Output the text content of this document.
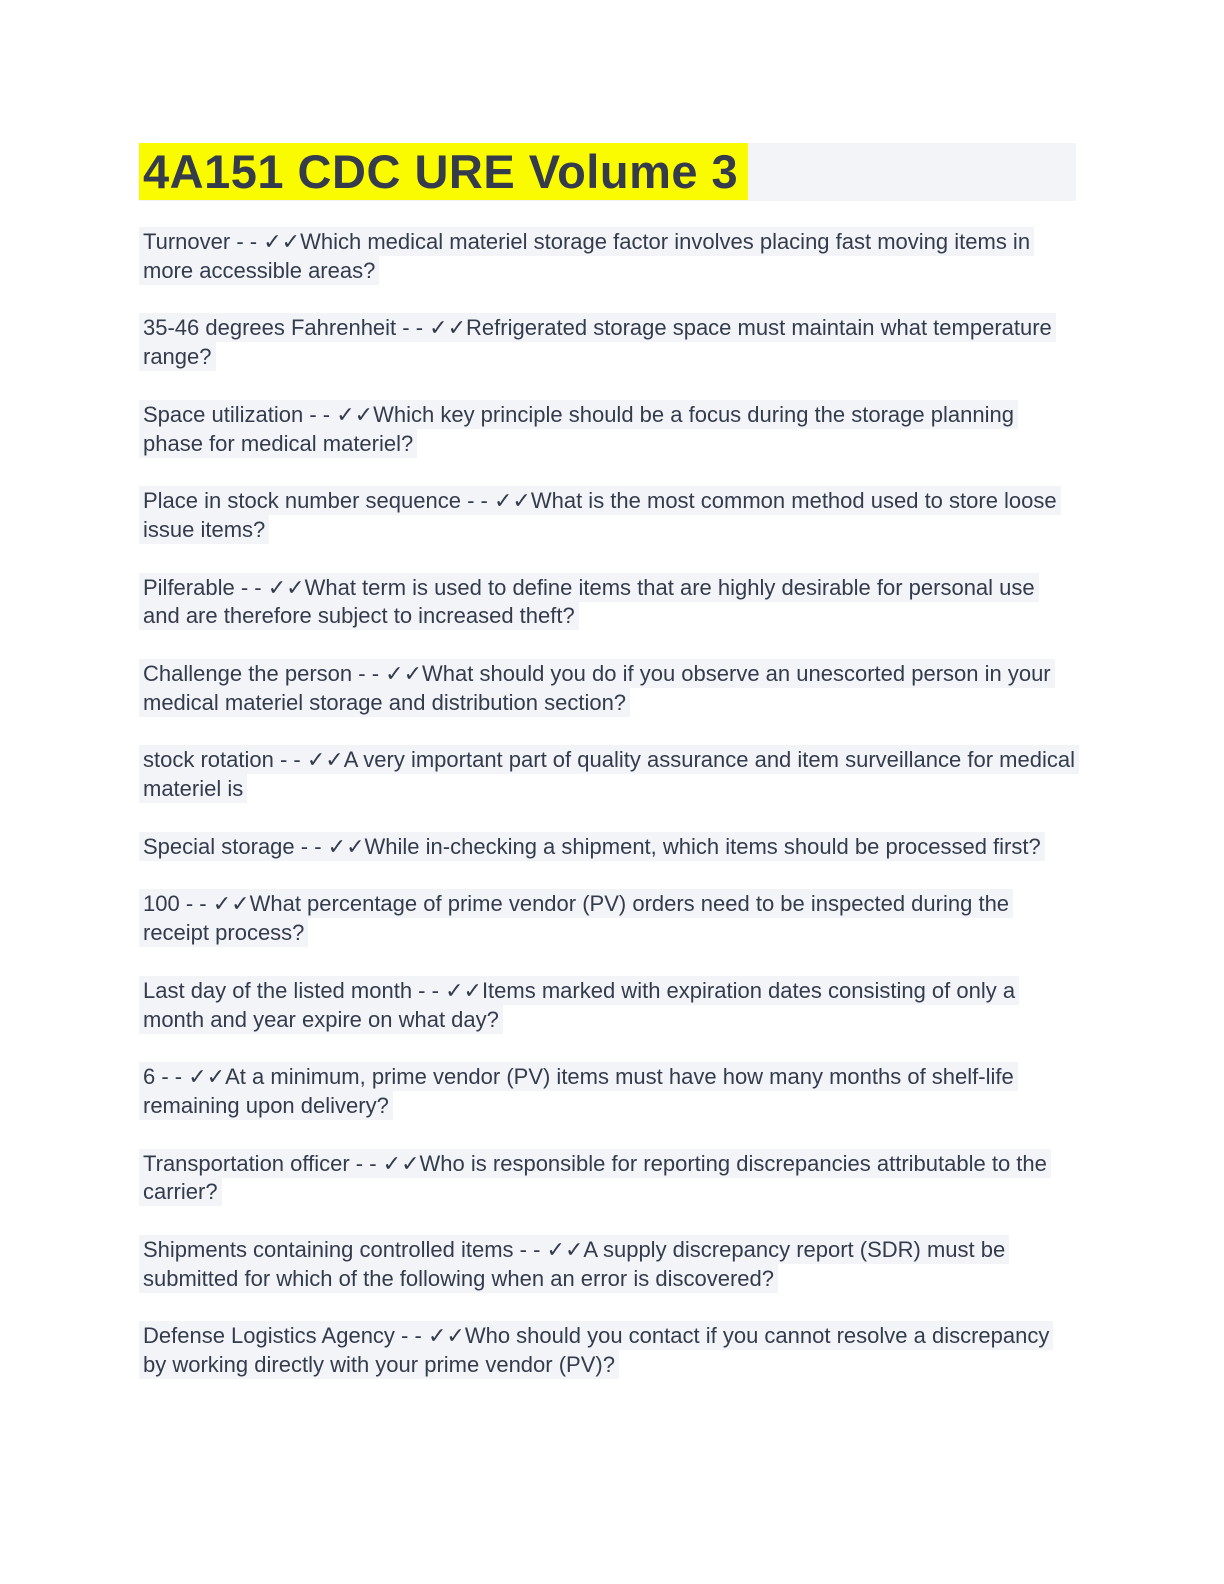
4A151 CDC URE Volume 3

Turnover - - ✓✓Which medical materiel storage factor involves placing fast moving items in more accessible areas?

35-46 degrees Fahrenheit - - ✓✓Refrigerated storage space must maintain what temperature range?

Space utilization - - ✓✓Which key principle should be a focus during the storage planning phase for medical materiel?

Place in stock number sequence - - ✓✓What is the most common method used to store loose issue items?

Pilferable - - ✓✓What term is used to define items that are highly desirable for personal use and are therefore subject to increased theft?

Challenge the person - - ✓✓What should you do if you observe an unescorted person in your medical materiel storage and distribution section?

stock rotation - - ✓✓A very important part of quality assurance and item surveillance for medical materiel is

Special storage - - ✓✓While in-checking a shipment, which items should be processed first?

100 - - ✓✓What percentage of prime vendor (PV) orders need to be inspected during the receipt process?

Last day of the listed month - - ✓✓Items marked with expiration dates consisting of only a month and year expire on what day?

6 - - ✓✓At a minimum, prime vendor (PV) items must have how many months of shelf-life remaining upon delivery?

Transportation officer - - ✓✓Who is responsible for reporting discrepancies attributable to the carrier?

Shipments containing controlled items - - ✓✓A supply discrepancy report (SDR) must be submitted for which of the following when an error is discovered?

Defense Logistics Agency - - ✓✓Who should you contact if you cannot resolve a discrepancy by working directly with your prime vendor (PV)?
